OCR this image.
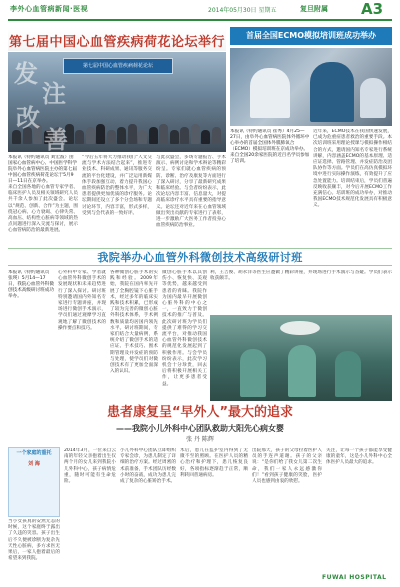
李外心血管病新闻·医视	2014年05月30日 星期五	复旦附属	A3
第七届中国心血管疾病荷花论坛举行
第七届中国心血管疾病荷花论坛
发
注
改
善
本报讯（特约通讯员 刘宏波）由国家心血管病中心、中国医学科学院阜外心血管病医院主办的第七届中国心血管疾病荷花论坛于5月9日—11日在京举办。
来自全国各地的心血管专家学者、临床医护人员及相关领域研究人员共千余人参加了此次盛会。论坛以“规范、创新、合作”为主题，围绕冠心病、心力衰竭、心律失常、高血压、结构性心脏病等领域的热点问题进行深入交流与探讨，展示心血管病防治的最新进展。
“今后五年将大力推动我们“人文交流与学术方法结合起来”，推进专业技术、科研成果、通讯等服务交流的平台化建设，并广泛运用新媒体手段加强互动，着力提升我国心血管疾病防治的整体水平，为广大患者提供更加优质的诊疗服务。论坛期间还设立了多个分会场和专题讨论环节，内容丰富，形式多样，受到与会代表的一致好评。
与此次盛会，多场专题报告、手术演示、病例讨论和学术辩论等精彩纷呈。专家们就心血管疾病的预防、诊断、治疗及康复等方面进行了深入研讨，分享了最新研究成果和临床经验。与会者纷纷表示，此次论坛内容丰富、信息量大，对提高临床诊疗水平具有重要的指导意义。论坛还对近年来在心血管领域做出突出贡献的专家进行了表彰，进一步激励广大医务工作者投身心血管疾病防治事业。
首届全国ECMO模拟培训班成功举办
本报讯（特约通讯员 崔秀）4月25—27日，由阜外心血管病医院体外循环中心举办的首届全国体外膜肺氧合（ECMO）模拟培训班在京成功举办。来自全国20余家医院的近百名学员参加了培训。
近年来，ECMO技术在我国快速发展，已成为危重症患者救治的重要手段。本次培训班采用理论授课与模拟操作相结合的方式，邀请国内知名专家进行系统讲解，内容涵盖ECMO的基本原理、适应证选择、管路管理、并发症防治及团队协作等方面。学员们在高仿真模拟环境中进行实际操作演练，有效提升了应急处置能力。培训结束后，学员们普遍反映收获颇丰，对今后开展ECMO工作充满信心。培训班的成功举办，对推动我国ECMO技术规范化发展具有积极意义。
我院举办心血管外科微创技术高级研讨班
本报讯（特约通讯员 张瑛）5月14—17日，我院心血管外科微创技术高级研讨班成功举办。
心外科中专家、学者就心血管外科微创手术的发展现状和未来趋势进行了深入探讨。研讨班特别邀请国内外知名专家进行专题讲座，并现场进行微创手术演示，学员们通过观摩学习直观地了解了微创技术的操作要点和技巧。
各种微创心脏手术的实践和经验。2009年始，我院在国内率先开展了全胸腔镜下心脏手术，经过多年的临床实践和技术积累，已形成了较为完善的微创心脏外科技术体系，手术例数和质量均居国内领先水平。研讨班期间，专家们结合大量病例，系统介绍了微创手术的适应证、手术技巧、围术期管理及并发症的预防与处理，使学员们对微创技术有了更加全面深入的认识。
微创心脏手术以其创伤小、恢复快、美观等优势，越来越受到患者的青睐。我院作为国内最早开展微创心脏外科的中心之一，一直致力于微创技术的推广与普及。此次研讨班为学员们提供了难得的学习交流平台，对推动我国心血管外科微创技术的规范化发展起到了积极作用。与会学员纷纷表示，此次学习机会十分珍贵，回去后将积极开展相关工作，让更多患者受益。
利，王吉俊、胡永洋等医生应邀做了精彩讲座，并现场进行手术演示与答疑。学员们表示收获颇丰。
患者康复呈“早外人”最大的追求
——我院小儿外科中心团队救助大阳先心病女婴
张 丹 陈辉
一个家庭的重托
刘 海
当小女孩真的安然无恙的时候，这个家庭终于露出了久违的笑容。孩子出生后不久便被诊断为复杂先天性心脏病，多方求医无果后，一家人抱着最后的希望来到我院。
2014年3月，一位来自云南的年轻父亲抱着出生仅两个月的女儿来到我院小儿外科中心，孩子病情危重，随时可能有生命危险。
小儿外科中心团队立即组织专家会诊，为患儿制定了详细的治疗方案。经过周密的术前准备，手术团队历经数小时的奋战，成功为患儿完成了复杂的心脏矫治手术。
术后，患儿在监护室内得到了无微不至的照顾。在医护人员的精心治疗和护理下，患儿恢复良好，各项指标逐渐趋于正常，顺利转回普通病房。
出院那天，孩子的父母拉着医护人员的手连声道谢。孩子的父亲说：“是你们给了我女儿第二次生命，我们一家人永远感激你们！”看到孩子健康的笑脸，医护人员也感到由衷的欣慰。
关注，让每一个孩子都能享受健康的童年，这是小儿外科中心全体医护人员最大的追求。
FUWAI HOSPITAL
